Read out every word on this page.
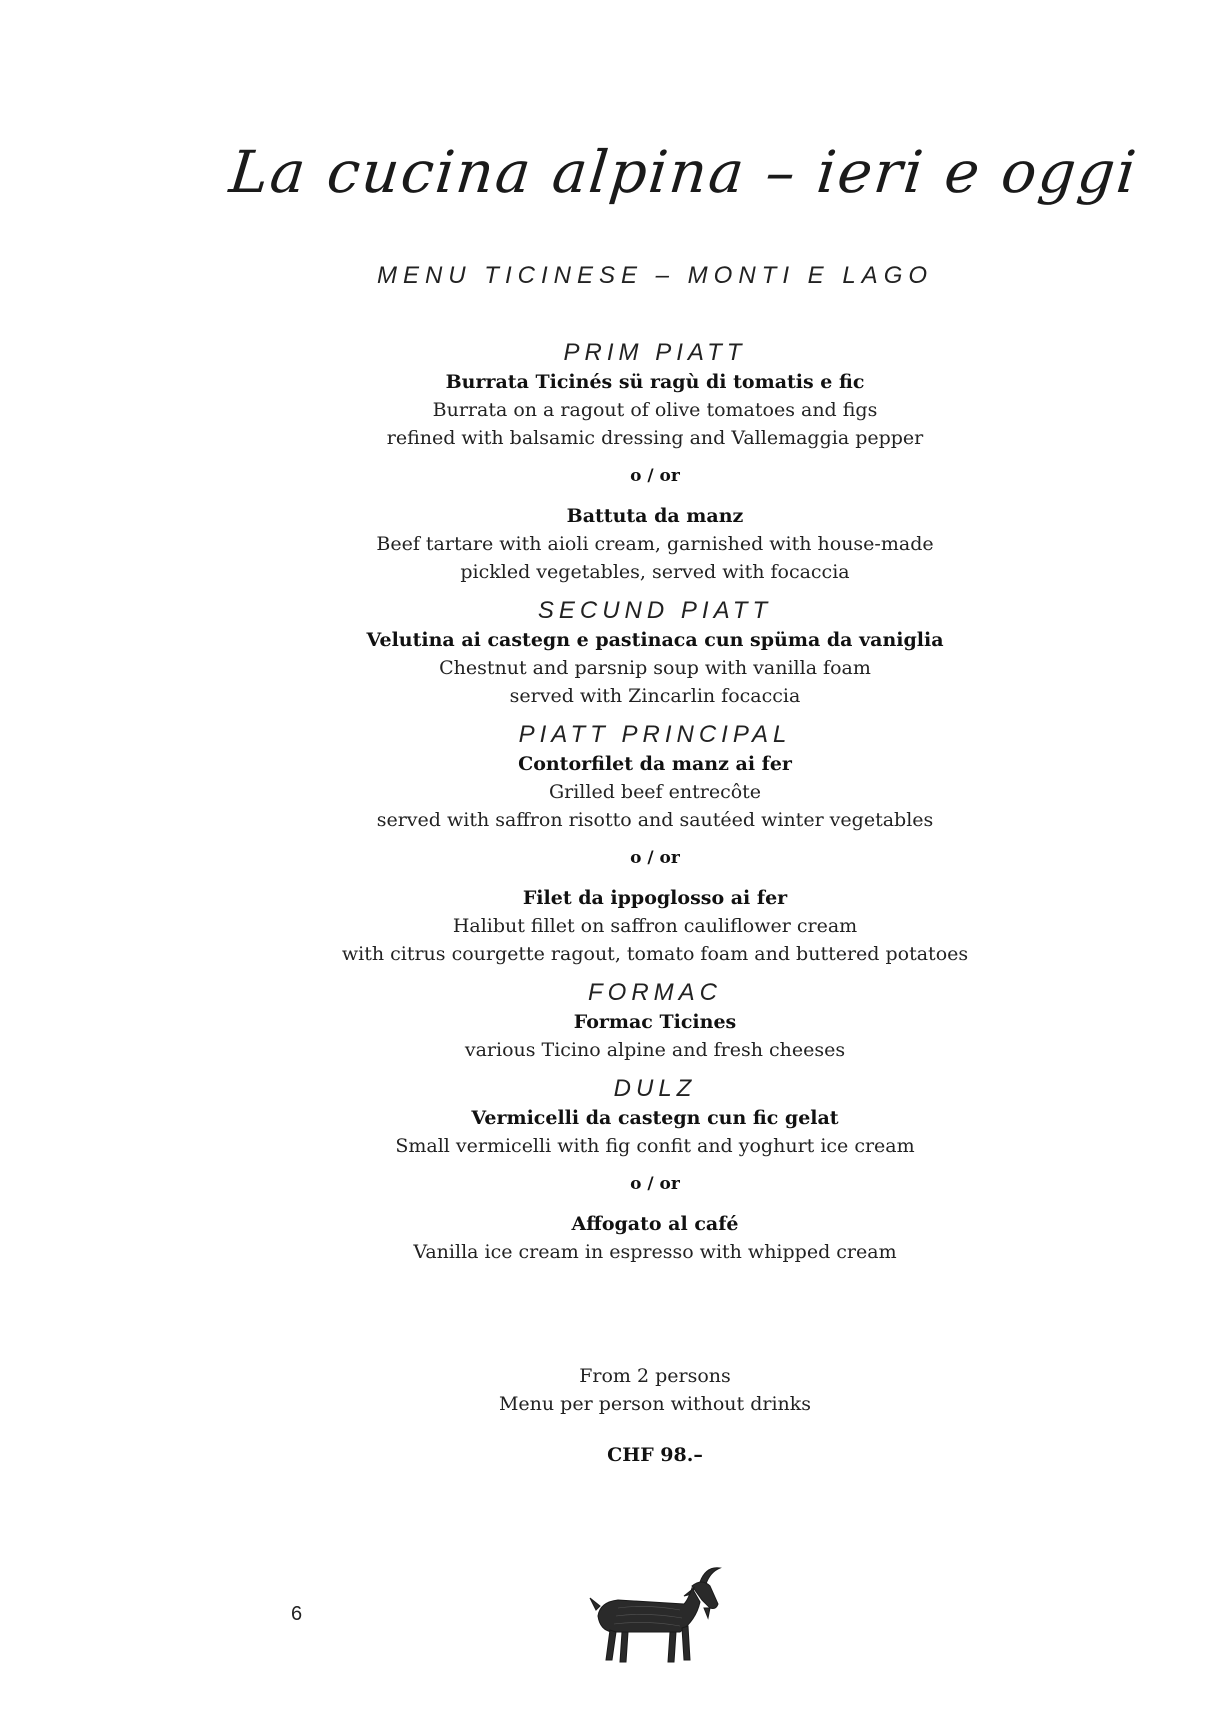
La cucina alpina – ieri e oggi
MENU TICINESE – MONTI E LAGO
PRIM PIATT
Burrata Ticinés sü ragù di tomatis e fic
Burrata on a ragout of olive tomatoes and figs
refined with balsamic dressing and Vallemaggia pepper
o / or
Battuta da manz
Beef tartare with aioli cream, garnished with house-made
pickled vegetables, served with focaccia
SECUND PIATT
Velutina ai castegn e pastinaca cun spüma da vaniglia
Chestnut and parsnip soup with vanilla foam
served with Zincarlin focaccia
PIATT PRINCIPAL
Contorfilet da manz ai fer
Grilled beef entrecôte
served with saffron risotto and sautéed winter vegetables
o / or
Filet da ippoglosso ai fer
Halibut fillet on saffron cauliflower cream
with citrus courgette ragout, tomato foam and buttered potatoes
FORMAC
Formac Ticines
various Ticino alpine and fresh cheeses
DULZ
Vermicelli da castegn cun fic gelat
Small vermicelli with fig confit and yoghurt ice cream
o / or
Affogato al café
Vanilla ice cream in espresso with whipped cream
From 2 persons
Menu per person without drinks
CHF 98.–
6
